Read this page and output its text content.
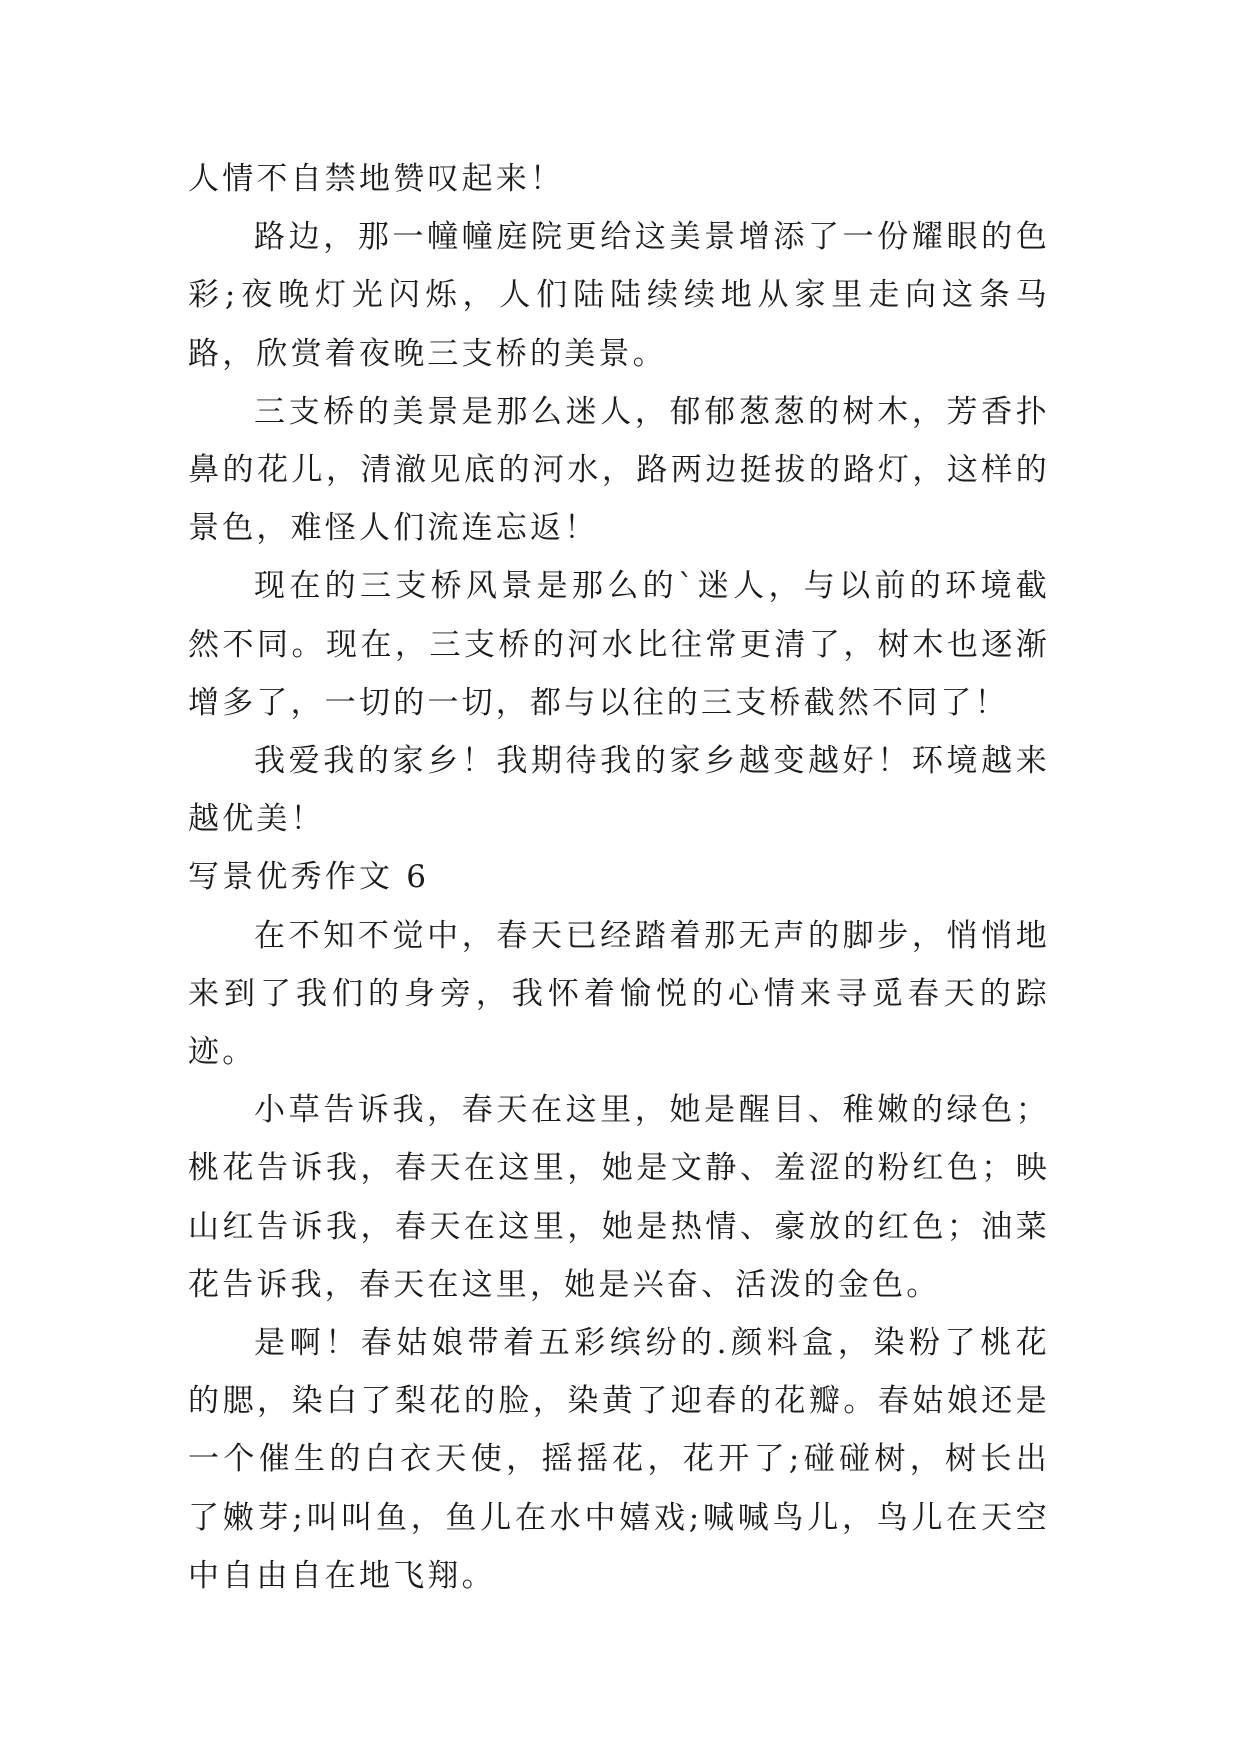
人情不自禁地赞叹起来！

路边，那一幢幢庭院更给这美景增添了一份耀眼的色彩;夜晚灯光闪烁，人们陆陆续续地从家里走向这条马路，欣赏着夜晚三支桥的美景。

三支桥的美景是那么迷人，郁郁葱葱的树木，芳香扑鼻的花儿，清澈见底的河水，路两边挺拔的路灯，这样的景色，难怪人们流连忘返！

现在的三支桥风景是那么的`迷人，与以前的环境截然不同。现在，三支桥的河水比往常更清了，树木也逐渐增多了，一切的一切，都与以往的三支桥截然不同了！

我爱我的家乡！我期待我的家乡越变越好！环境越来越优美！

写景优秀作文 6

在不知不觉中，春天已经踏着那无声的脚步，悄悄地来到了我们的身旁，我怀着愉悦的心情来寻觅春天的踪迹。

小草告诉我，春天在这里，她是醒目、稚嫩的绿色；桃花告诉我，春天在这里，她是文静、羞涩的粉红色；映山红告诉我，春天在这里，她是热情、豪放的红色；油菜花告诉我，春天在这里，她是兴奋、活泼的金色。

是啊！春姑娘带着五彩缤纷的.颜料盒，染粉了桃花的腮，染白了梨花的脸，染黄了迎春的花瓣。春姑娘还是一个催生的白衣天使，摇摇花，花开了;碰碰树，树长出了嫩芽;叫叫鱼，鱼儿在水中嬉戏;喊喊鸟儿，鸟儿在天空中自由自在地飞翔。
